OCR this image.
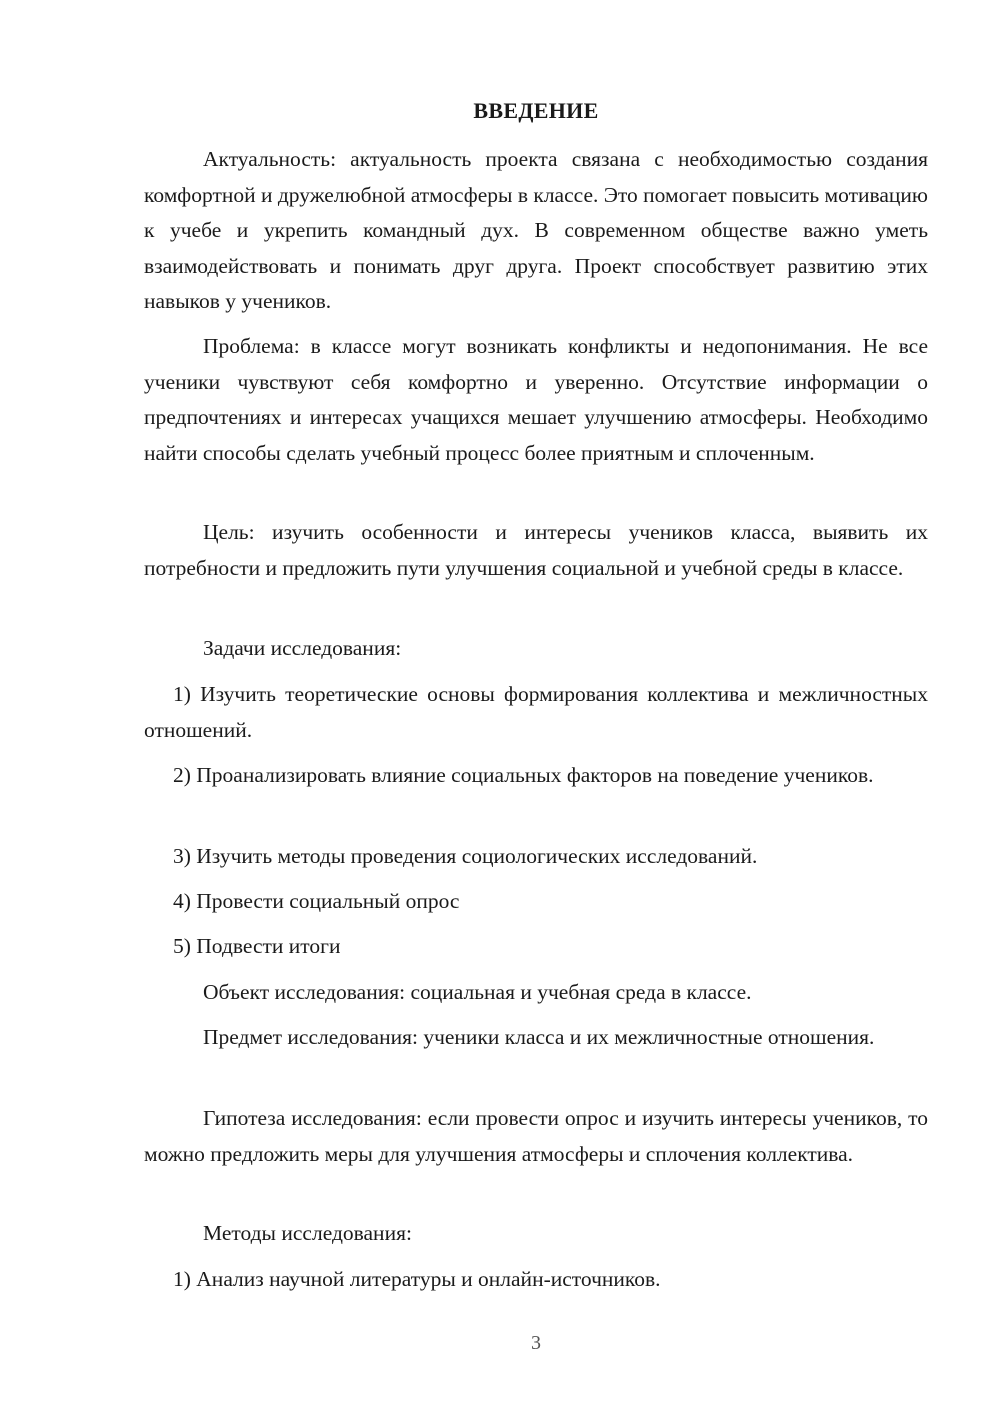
ВВЕДЕНИЕ

Актуальность: актуальность проекта связана с необходимостью создания комфортной и дружелюбной атмосферы в классе. Это помогает повысить мотивацию к учебе и укрепить командный дух. В современном обществе важно уметь взаимодействовать и понимать друг друга. Проект способствует развитию этих навыков у учеников.

Проблема: в классе могут возникать конфликты и недопонимания. Не все ученики чувствуют себя комфортно и уверенно. Отсутствие информации о предпочтениях и интересах учащихся мешает улучшению атмосферы. Необходимо найти способы сделать учебный процесс более приятным и сплоченным.

Цель: изучить особенности и интересы учеников класса, выявить их потребности и предложить пути улучшения социальной и учебной среды в классе.

Задачи исследования:

1) Изучить теоретические основы формирования коллектива и межличностных отношений.

2) Проанализировать влияние социальных факторов на поведение учеников.

3) Изучить методы проведения социологических исследований.

4) Провести социальный опрос

5) Подвести итоги

Объект исследования: социальная и учебная среда в классе.

Предмет исследования: ученики класса и их межличностные отношения.

Гипотеза исследования: если провести опрос и изучить интересы учеников, то можно предложить меры для улучшения атмосферы и сплочения коллектива.

Методы исследования:

1) Анализ научной литературы и онлайн-источников.

3
